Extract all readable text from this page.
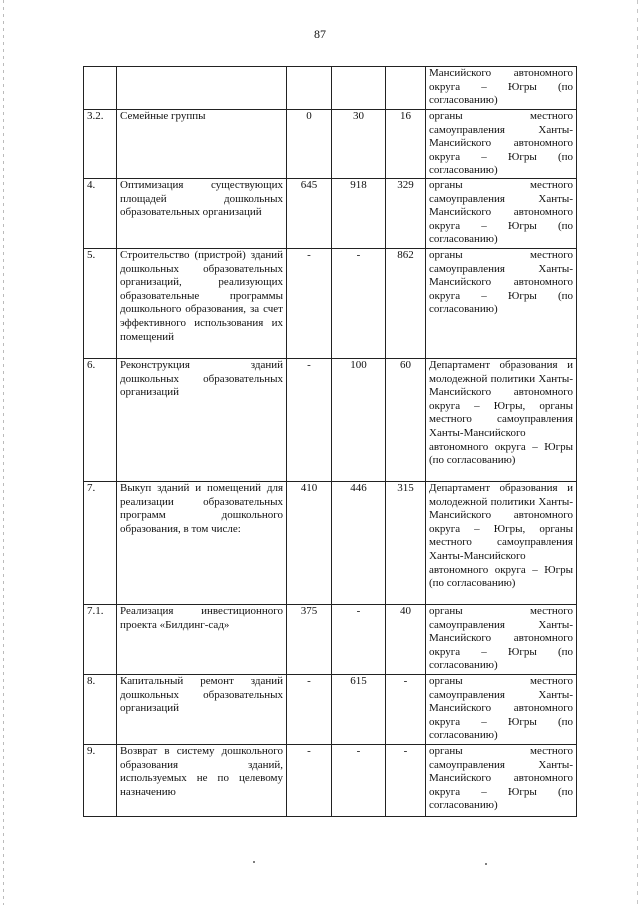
87
					Мансийского автономного округа – Югры (по согласованию)
3.2.	Семейные группы	0	30	16	органы местного самоуправления Ханты-Мансийского автономного округа – Югры (по согласованию)
4.	Оптимизация существующих площадей дошкольных образовательных организаций	645	918	329	органы местного самоуправления Ханты-Мансийского автономного округа – Югры (по согласованию)
5.	Строительство (пристрой) зданий дошкольных образовательных организаций, реализующих образовательные программы дошкольного образования, за счет эффективного использования их помещений	-	-	862	органы местного самоуправления Ханты-Мансийского автономного округа – Югры (по согласованию)
6.	Реконструкция зданий дошкольных образовательных организаций	-	100	60	Департамент образования и молодежной политики Ханты-Мансийского автономного округа – Югры, органы местного самоуправления Ханты-Мансийского автономного округа – Югры (по согласованию)
7.	Выкуп зданий и помещений для реализации образовательных программ дошкольного образования, в том числе:	410	446	315	Департамент образования и молодежной политики Ханты-Мансийского автономного округа – Югры, органы местного самоуправления Ханты-Мансийского автономного округа – Югры (по согласованию)
7.1.	Реализация инвестиционного проекта «Билдинг-сад»	375	-	40	органы местного самоуправления Ханты-Мансийского автономного округа – Югры (по согласованию)
8.	Капитальный ремонт зданий дошкольных образовательных организаций	-	615	-	органы местного самоуправления Ханты-Мансийского автономного округа – Югры (по согласованию)
9.	Возврат в систему дошкольного образования зданий, используемых не по целевому назначению	-	-	-	органы местного самоуправления Ханты-Мансийского автономного округа – Югры (по согласованию)
